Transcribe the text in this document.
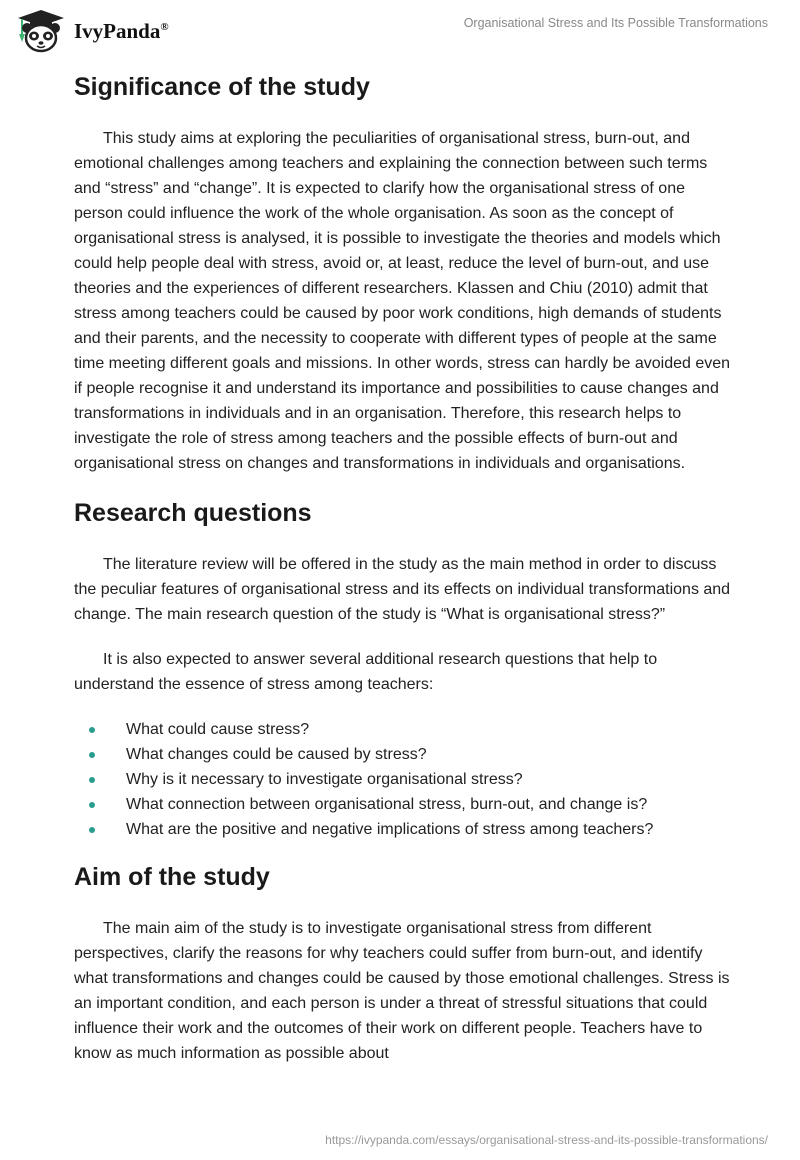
IvyPanda®	Organisational Stress and Its Possible Transformations
Significance of the study

This study aims at exploring the peculiarities of organisational stress, burn-out, and emotional challenges among teachers and explaining the connection between such terms and “stress” and “change”. It is expected to clarify how the organisational stress of one person could influence the work of the whole organisation. As soon as the concept of organisational stress is analysed, it is possible to investigate the theories and models which could help people deal with stress, avoid or, at least, reduce the level of burn-out, and use theories and the experiences of different researchers. Klassen and Chiu (2010) admit that stress among teachers could be caused by poor work conditions, high demands of students and their parents, and the necessity to cooperate with different types of people at the same time meeting different goals and missions. In other words, stress can hardly be avoided even if people recognise it and understand its importance and possibilities to cause changes and transformations in individuals and in an organisation. Therefore, this research helps to investigate the role of stress among teachers and the possible effects of burn-out and organisational stress on changes and transformations in individuals and organisations.

Research questions

The literature review will be offered in the study as the main method in order to discuss the peculiar features of organisational stress and its effects on individual transformations and change. The main research question of the study is “What is organisational stress?”

It is also expected to answer several additional research questions that help to understand the essence of stress among teachers:

What could cause stress?
What changes could be caused by stress?
Why is it necessary to investigate organisational stress?
What connection between organisational stress, burn-out, and change is?
What are the positive and negative implications of stress among teachers?
Aim of the study

The main aim of the study is to investigate organisational stress from different perspectives, clarify the reasons for why teachers could suffer from burn-out, and identify what transformations and changes could be caused by those emotional challenges. Stress is an important condition, and each person is under a threat of stressful situations that could influence their work and the outcomes of their work on different people. Teachers have to know as much information as possible about

https://ivypanda.com/essays/organisational-stress-and-its-possible-transformations/
